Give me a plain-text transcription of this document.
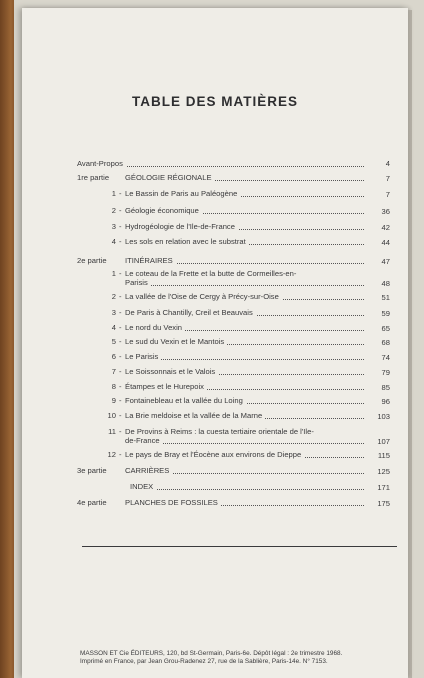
TABLE DES MATIÈRES
Avant-Propos	4
1re partie GÉOLOGIE RÉGIONALE	7
1 - Le Bassin de Paris au Paléogène	7
2 - Géologie économique	36
3 - Hydrogéologie de l'Ile-de-France	42
4 - Les sols en relation avec le substrat	44
2e partie ITINÉRAIRES	47
1 - Le coteau de la Frette et la butte de Cormeilles-en-
Parisis	48
2 - La vallée de l'Oise de Cergy à Précy-sur-Oise	51
3 - De Paris à Chantilly, Creil et Beauvais	59
4 - Le nord du Vexin	65
5 - Le sud du Vexin et le Mantois	68
6 - Le Parisis	74
7 - Le Soissonnais et le Valois	79
8 - Étampes et le Hurepoix	85
9 - Fontainebleau et la vallée du Loing	96
10 - La Brie meldoise et la vallée de la Marne	103
11 - De Provins à Reims : la cuesta tertiaire orientale de l'Ile-
de-France	107
12 - Le pays de Bray et l'Éocène aux environs de Dieppe	115
3e partie CARRIÈRES	125
INDEX	171
4e partie PLANCHES DE FOSSILES	175
MASSON ET Cie ÉDITEURS, 120, bd St-Germain, Paris-6e. Dépôt légal : 2e trimestre 1968.
Imprimé en France, par Jean Grou-Radenez 27, rue de la Sablière, Paris-14e. N° 7153.
